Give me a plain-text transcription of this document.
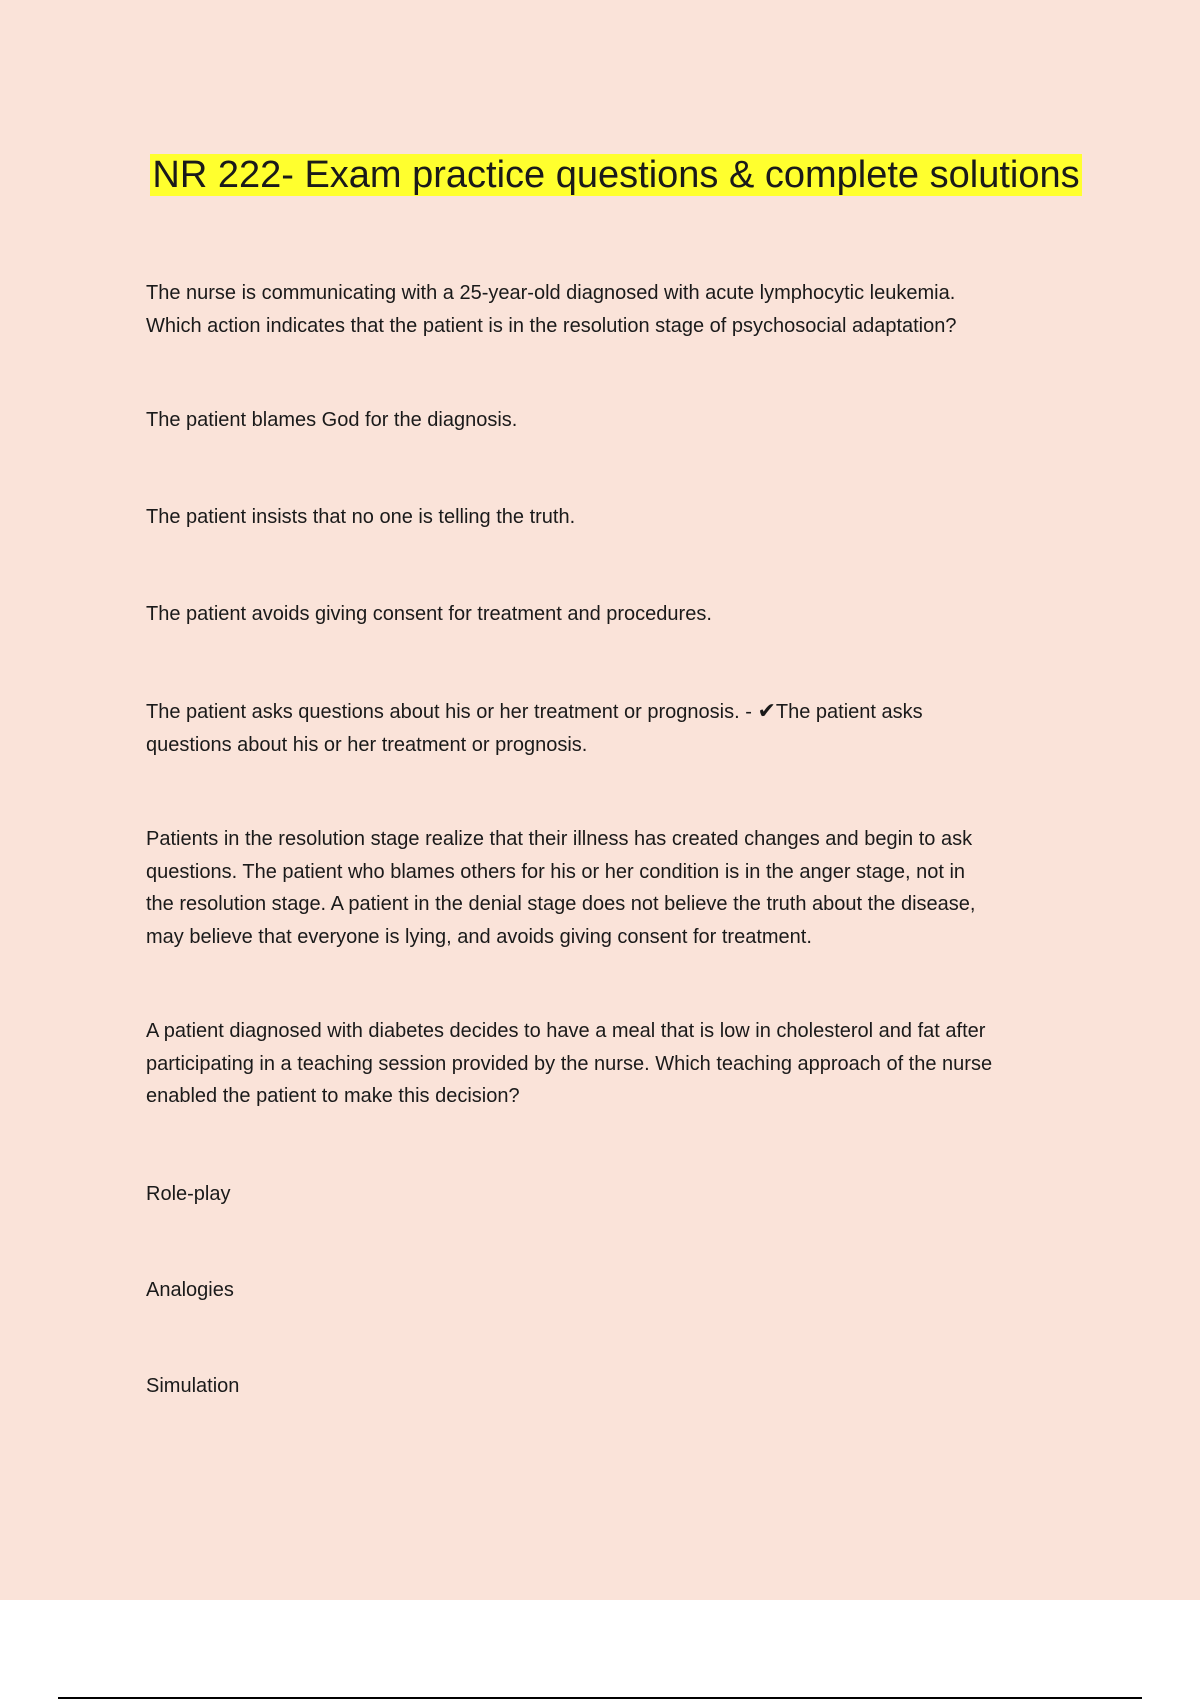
NR 222- Exam practice questions & complete solutions

The nurse is communicating with a 25-year-old diagnosed with acute lymphocytic leukemia.
Which action indicates that the patient is in the resolution stage of psychosocial adaptation?

The patient blames God for the diagnosis.

The patient insists that no one is telling the truth.

The patient avoids giving consent for treatment and procedures.

The patient asks questions about his or her treatment or prognosis. - ✔The patient asks
questions about his or her treatment or prognosis.

Patients in the resolution stage realize that their illness has created changes and begin to ask
questions. The patient who blames others for his or her condition is in the anger stage, not in
the resolution stage. A patient in the denial stage does not believe the truth about the disease,
may believe that everyone is lying, and avoids giving consent for treatment.

A patient diagnosed with diabetes decides to have a meal that is low in cholesterol and fat after
participating in a teaching session provided by the nurse. Which teaching approach of the nurse
enabled the patient to make this decision?

Role-play

Analogies

Simulation
